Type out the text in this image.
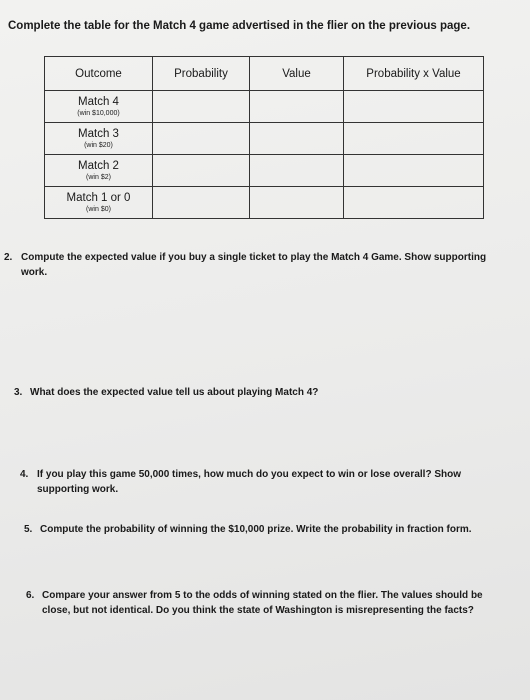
Complete the table for the Match 4 game advertised in the flier on the previous page.
Outcome	Probability	Value	Probability x Value

Match 4
(win $10,000)			

Match 3
(win $20)			

Match 2
(win $2)			

Match 1 or 0
(win $0)			

2. Compute the expected value if you buy a single ticket to play the Match 4 Game. Show supporting work.
3. What does the expected value tell us about playing Match 4?
4. If you play this game 50,000 times, how much do you expect to win or lose overall? Show supporting work.
5. Compute the probability of winning the $10,000 prize. Write the probability in fraction form.
6. Compare your answer from 5 to the odds of winning stated on the flier. The values should be close, but not identical. Do you think the state of Washington is misrepresenting the facts?
